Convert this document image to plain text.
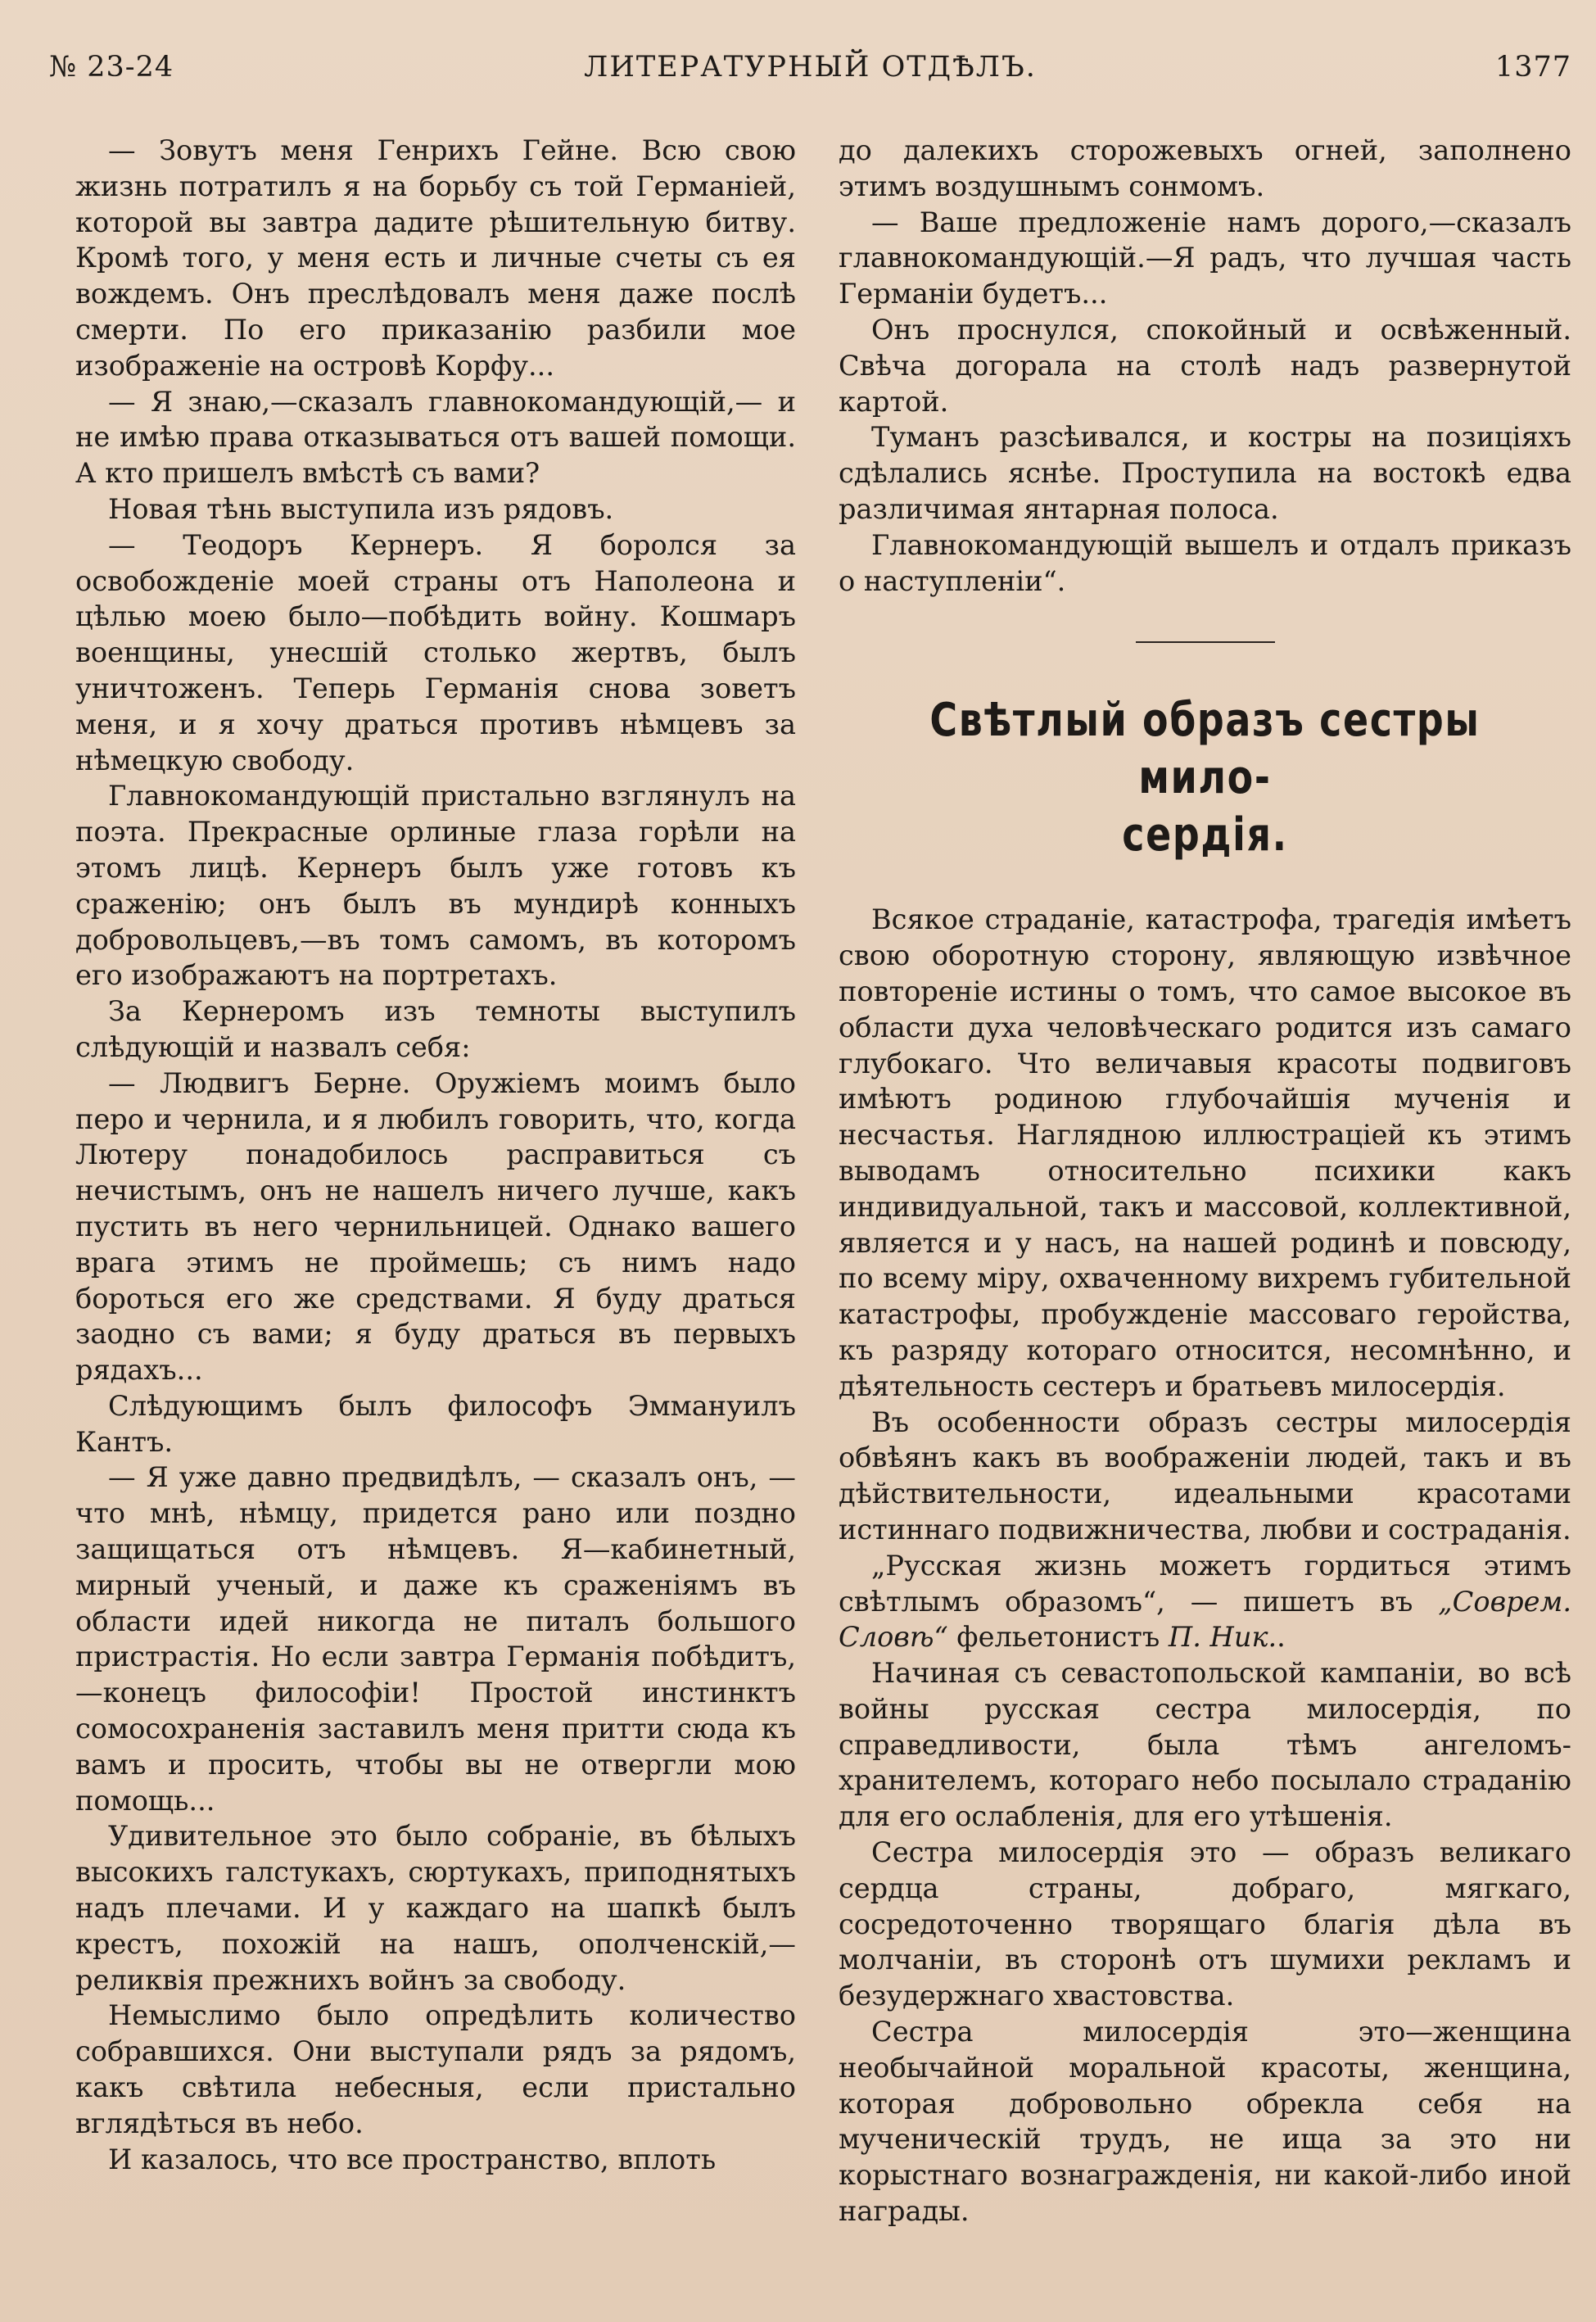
№ 23-24	ЛИТЕРАТУРНЫЙ ОТДѢЛЪ.	1377

— Зовутъ меня Генрихъ Гейне. Всю свою жизнь потратилъ я на борьбу съ той Германіей, которой вы завтра дадите рѣшительную битву. Кромѣ того, у меня есть и личные счеты съ ея вождемъ. Онъ преслѣдовалъ меня даже послѣ смерти. По его приказанію разбили мое изображеніе на островѣ Корфу...

— Я знаю,—сказалъ главнокомандующій,— и не имѣю права отказываться отъ вашей помощи. А кто пришелъ вмѣстѣ съ вами?

Новая тѣнь выступила изъ рядовъ.

— Теодоръ Кернеръ. Я боролся за освобожденіе моей страны отъ Наполеона и цѣлью моею было—побѣдить войну. Кошмаръ военщины, унесшій столько жертвъ, былъ уничтоженъ. Теперь Германія снова зоветъ меня, и я хочу драться противъ нѣмцевъ за нѣмецкую свободу.

Главнокомандующій пристально взглянулъ на поэта. Прекрасные орлиные глаза горѣли на этомъ лицѣ. Кернеръ былъ уже готовъ къ сраженію; онъ былъ въ мундирѣ конныхъ добровольцевъ,—въ томъ самомъ, въ которомъ его изображаютъ на портретахъ.

За Кернеромъ изъ темноты выступилъ слѣдующій и назвалъ себя:

— Людвигъ Берне. Оружіемъ моимъ было перо и чернила, и я любилъ говорить, что, когда Лютеру понадобилось расправиться съ нечистымъ, онъ не нашелъ ничего лучше, какъ пустить въ него чернильницей. Однако вашего врага этимъ не проймешь; съ нимъ надо бороться его же средствами. Я буду драться заодно съ вами; я буду драться въ первыхъ рядахъ...

Слѣдующимъ былъ философъ Эммануилъ Кантъ.

— Я уже давно предвидѣлъ, — сказалъ онъ, — что мнѣ, нѣмцу, придется рано или поздно защищаться отъ нѣмцевъ. Я—кабинетный, мирный ученый, и даже къ сраженіямъ въ области идей никогда не питалъ большого пристрастія. Но если завтра Германія побѣдитъ,—конецъ философіи! Простой инстинктъ сомосохраненія заставилъ меня притти сюда къ вамъ и просить, чтобы вы не отвергли мою помощь...

Удивительное это было собраніе, въ бѣлыхъ высокихъ галстукахъ, сюртукахъ, приподнятыхъ надъ плечами. И у каждаго на шапкѣ былъ крестъ, похожій на нашъ, ополченскій,—реликвія прежнихъ войнъ за свободу.

Немыслимо было опредѣлить количество собравшихся. Они выступали рядъ за рядомъ, какъ свѣтила небесныя, если пристально вглядѣться въ небо.

И казалось, что все пространство, вплоть

до далекихъ сторожевыхъ огней, заполнено этимъ воздушнымъ сонмомъ.

— Ваше предложеніе намъ дорого,—сказалъ главнокомандующій.—Я радъ, что лучшая часть Германіи будетъ...

Онъ проснулся, спокойный и освѣженный. Свѣча догорала на столѣ надъ развернутой картой.

Туманъ разсѣивался, и костры на позиціяхъ сдѣлались яснѣе. Проступила на востокѣ едва различимая янтарная полоса.

Главнокомандующій вышелъ и отдалъ приказъ о наступленіи“.

Свѣтлый образъ сестры мило-
сердія.

Всякое страданіе, катастрофа, трагедія имѣетъ свою оборотную сторону, являющую извѣчное повтореніе истины о томъ, что самое высокое въ области духа человѣческаго родится изъ самаго глубокаго. Что величавыя красоты подвиговъ имѣютъ родиною глубочайшія мученія и несчастья. Наглядною иллюстраціей къ этимъ выводамъ относительно психики какъ индивидуальной, такъ и массовой, коллективной, является и у насъ, на нашей родинѣ и повсюду, по всему міру, охваченному вихремъ губительной катастрофы, пробужденіе массоваго геройства, къ разряду котораго относится, несомнѣнно, и дѣятельность сестеръ и братьевъ милосердія.

Въ особенности образъ сестры милосердія обвѣянъ какъ въ воображеніи людей, такъ и въ дѣйствительности, идеальными красотами истиннаго подвижничества, любви и состраданія.

„Русская жизнь можетъ гордиться этимъ свѣтлымъ образомъ“, — пишетъ въ „Соврем. Словѣ“ фельетонистъ П. Ник..

Начиная съ севастопольской кампаніи, во всѣ войны русская сестра милосердія, по справедливости, была тѣмъ ангеломъ-хранителемъ, котораго небо посылало страданію для его ослабленія, для его утѣшенія.

Сестра милосердія это — образъ великаго сердца страны, добраго, мягкаго, сосредоточенно творящаго благія дѣла въ молчаніи, въ сторонѣ отъ шумихи рекламъ и безудержнаго хвастовства.

Сестра милосердія это—женщина необычайной моральной красоты, женщина, которая добровольно обрекла себя на мученическій трудъ, не ища за это ни корыстнаго вознагражденія, ни какой-либо иной награды.
